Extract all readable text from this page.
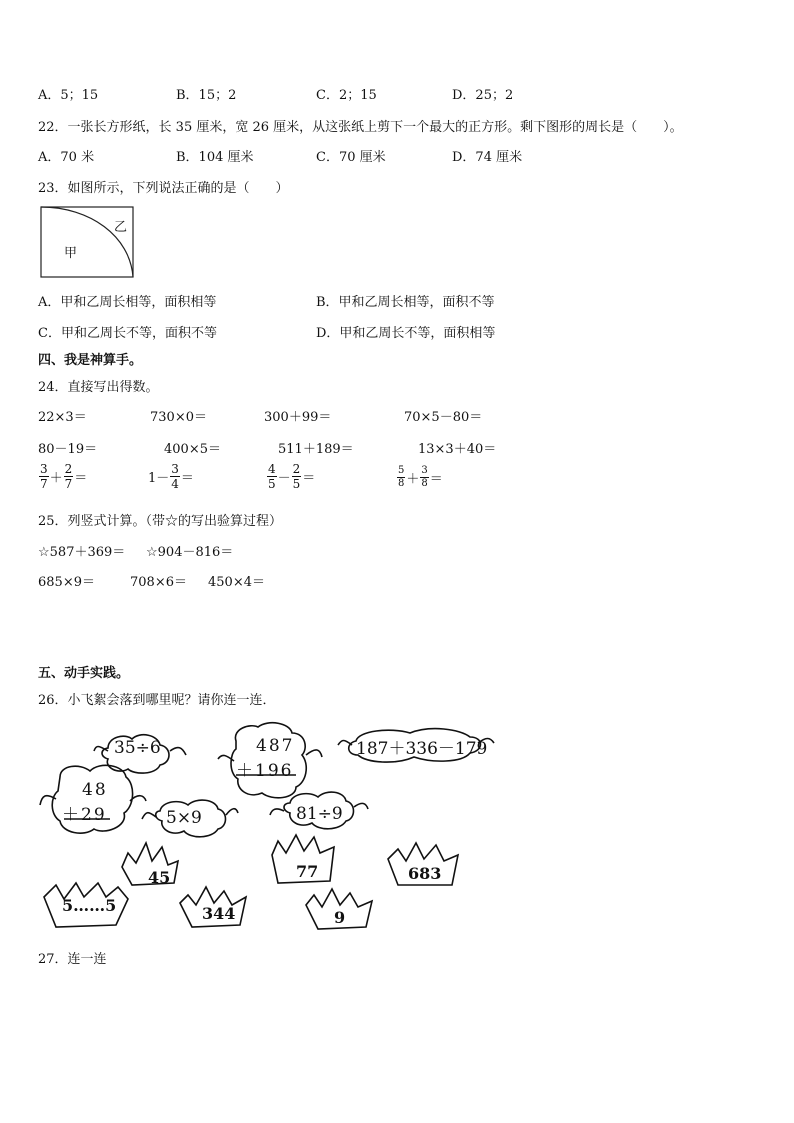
A．5；15	B．15；2	C．2；15	D．25；2
22．一张长方形纸，长 35 厘米，宽 26 厘米，从这张纸上剪下一个最大的正方形。剩下图形的周长是（　　）。
A．70 米	B．104 厘米	C．70 厘米	D．74 厘米
23．如图所示，下列说法正确的是（　　）
甲
乙
A．甲和乙周长相等，面积相等	B．甲和乙周长相等，面积不等
C．甲和乙周长不等，面积不等	D．甲和乙周长不等，面积相等
四、我是神算手。
24．直接写出得数。
22×3＝	730×0＝	300＋99＝	70×5－80＝
80－19＝	400×5＝	511＋189＝	13×3＋40＝
$\frac{3}{7} + \frac{2}{7}$ ＝	$1- \frac{3}{4}$ ＝	$\frac{4}{5} - \frac{2}{5}$ ＝	$\frac{5}{8} + \frac{3}{8}$ ＝
25．列竖式计算。（带☆的写出验算过程）
☆587＋369＝ ☆904－816＝
685×9＝	708×6＝ 450×4＝
五、动手实践。
26．小飞絮会落到哪里呢？请你连一连．
35÷6	487
＋196
187＋336－179
48
＋29	5×9	81÷9
45	77	683
5……5	344	9
27．连一连
